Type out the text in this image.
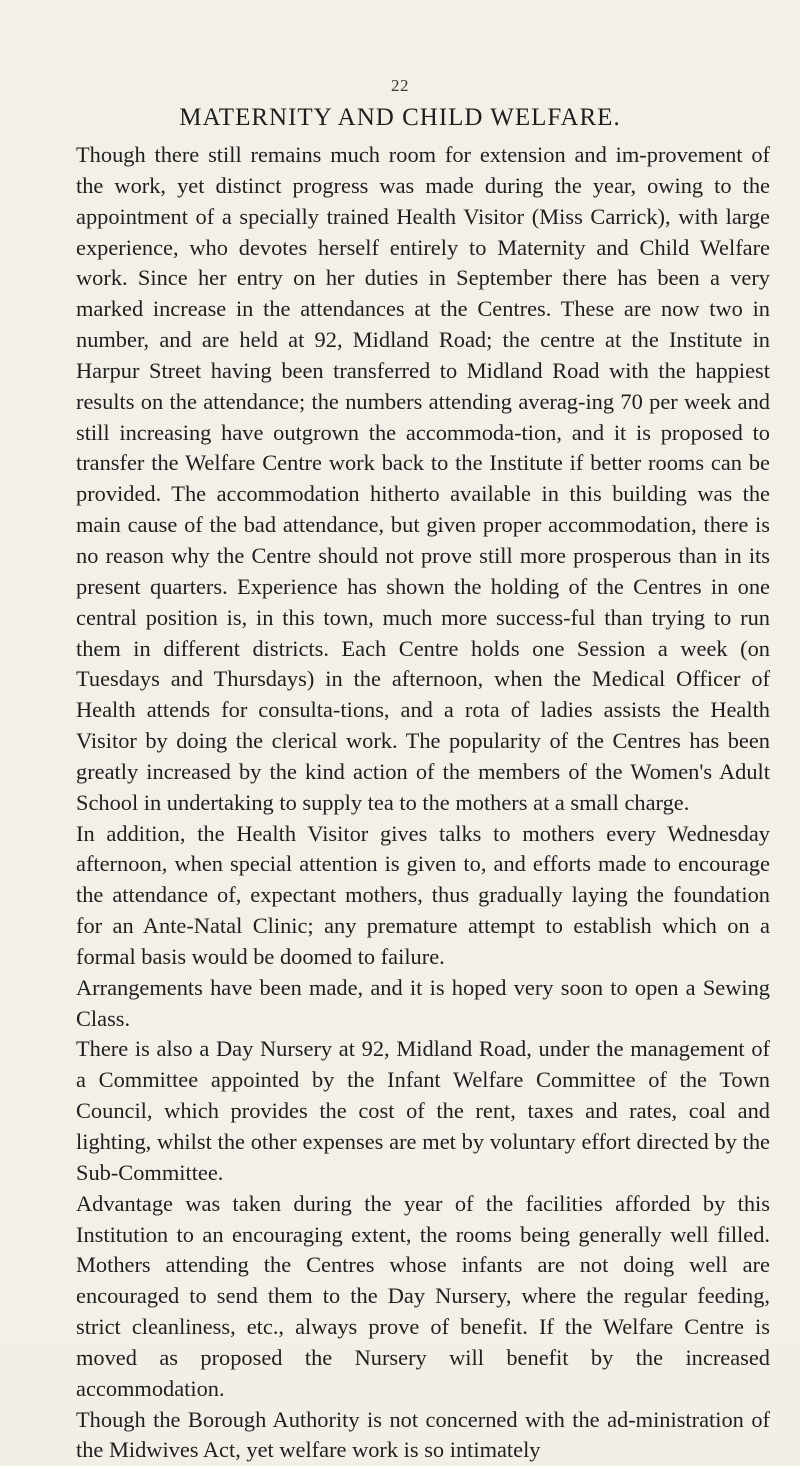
22
MATERNITY AND CHILD WELFARE.

Though there still remains much room for extension and im-provement of the work, yet distinct progress was made during the year, owing to the appointment of a specially trained Health Visitor (Miss Carrick), with large experience, who devotes herself entirely to Maternity and Child Welfare work. Since her entry on her duties in September there has been a very marked increase in the attendances at the Centres. These are now two in number, and are held at 92, Midland Road; the centre at the Institute in Harpur Street having been transferred to Midland Road with the happiest results on the attendance; the numbers attending averag-ing 70 per week and still increasing have outgrown the accommoda-tion, and it is proposed to transfer the Welfare Centre work back to the Institute if better rooms can be provided. The accommodation hitherto available in this building was the main cause of the bad attendance, but given proper accommodation, there is no reason why the Centre should not prove still more prosperous than in its present quarters. Experience has shown the holding of the Centres in one central position is, in this town, much more success-ful than trying to run them in different districts. Each Centre holds one Session a week (on Tuesdays and Thursdays) in the afternoon, when the Medical Officer of Health attends for consulta-tions, and a rota of ladies assists the Health Visitor by doing the clerical work. The popularity of the Centres has been greatly increased by the kind action of the members of the Women's Adult School in undertaking to supply tea to the mothers at a small charge.

In addition, the Health Visitor gives talks to mothers every Wednesday afternoon, when special attention is given to, and efforts made to encourage the attendance of, expectant mothers, thus gradually laying the foundation for an Ante-Natal Clinic; any premature attempt to establish which on a formal basis would be doomed to failure.

Arrangements have been made, and it is hoped very soon to open a Sewing Class.

There is also a Day Nursery at 92, Midland Road, under the management of a Committee appointed by the Infant Welfare Committee of the Town Council, which provides the cost of the rent, taxes and rates, coal and lighting, whilst the other expenses are met by voluntary effort directed by the Sub-Committee.

Advantage was taken during the year of the facilities afforded by this Institution to an encouraging extent, the rooms being generally well filled. Mothers attending the Centres whose infants are not doing well are encouraged to send them to the Day Nursery, where the regular feeding, strict cleanliness, etc., always prove of benefit. If the Welfare Centre is moved as proposed the Nursery will benefit by the increased accommodation.

Though the Borough Authority is not concerned with the ad-ministration of the Midwives Act, yet welfare work is so intimately
